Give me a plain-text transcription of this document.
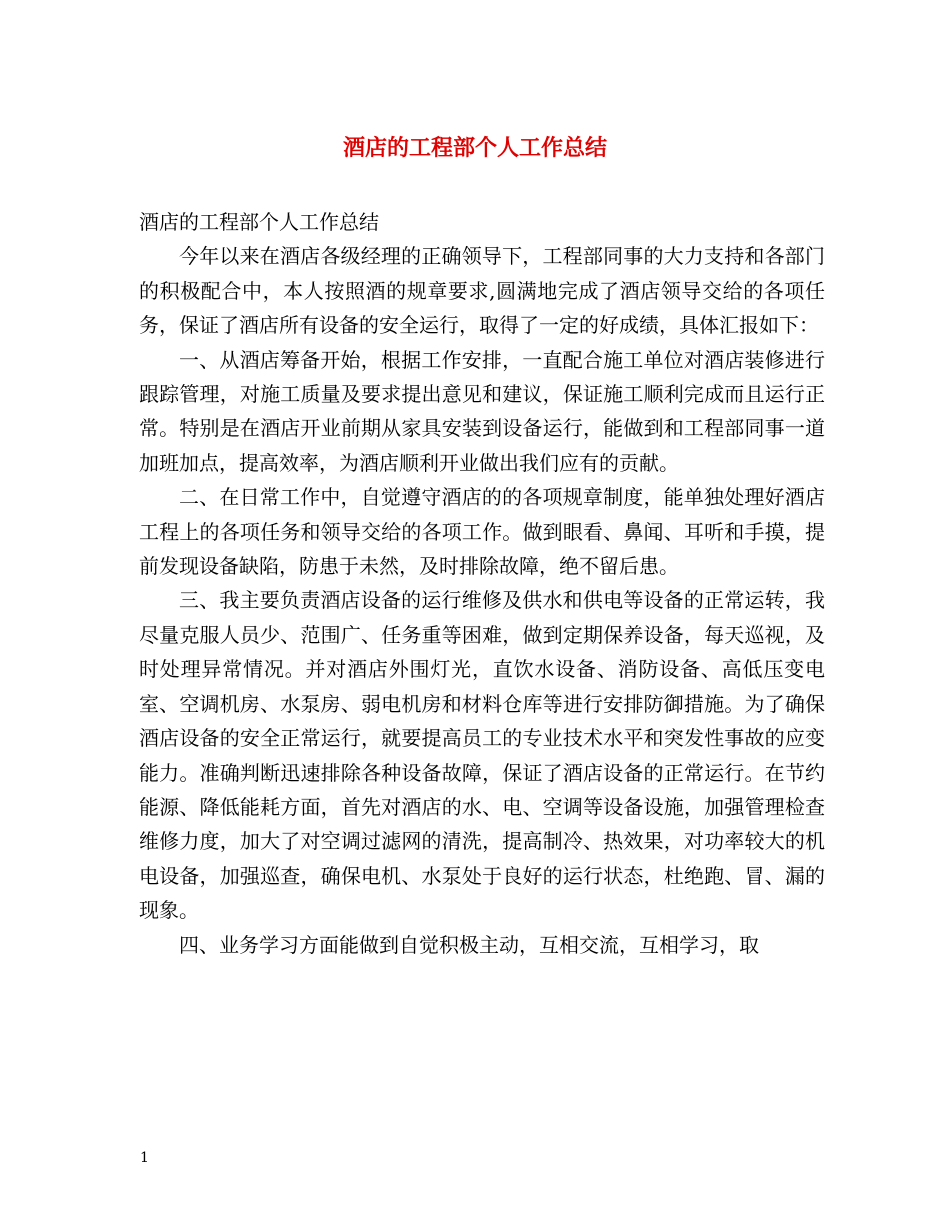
酒店的工程部个人工作总结

酒店的工程部个人工作总结

今年以来在酒店各级经理的正确领导下，工程部同事的大力支持和各部门的积极配合中，本人按照酒的规章要求,圆满地完成了酒店领导交给的各项任务，保证了酒店所有设备的安全运行，取得了一定的好成绩，具体汇报如下：

一、从酒店筹备开始，根据工作安排，一直配合施工单位对酒店装修进行跟踪管理，对施工质量及要求提出意见和建议，保证施工顺利完成而且运行正常。特别是在酒店开业前期从家具安装到设备运行，能做到和工程部同事一道加班加点，提高效率，为酒店顺利开业做出我们应有的贡献。

二、在日常工作中，自觉遵守酒店的的各项规章制度，能单独处理好酒店工程上的各项任务和领导交给的各项工作。做到眼看、鼻闻、耳听和手摸，提前发现设备缺陷，防患于未然，及时排除故障，绝不留后患。

三、我主要负责酒店设备的运行维修及供水和供电等设备的正常运转，我尽量克服人员少、范围广、任务重等困难，做到定期保养设备，每天巡视，及时处理异常情况。并对酒店外围灯光，直饮水设备、消防设备、高低压变电室、空调机房、水泵房、弱电机房和材料仓库等进行安排防御措施。为了确保酒店设备的安全正常运行，就要提高员工的专业技术水平和突发性事故的应变能力。准确判断迅速排除各种设备故障，保证了酒店设备的正常运行。在节约能源、降低能耗方面，首先对酒店的水、电、空调等设备设施，加强管理检查维修力度，加大了对空调过滤网的清洗，提高制冷、热效果，对功率较大的机电设备，加强巡查，确保电机、水泵处于良好的运行状态，杜绝跑、冒、漏的现象。

四、业务学习方面能做到自觉积极主动，互相交流，互相学习，取

1
